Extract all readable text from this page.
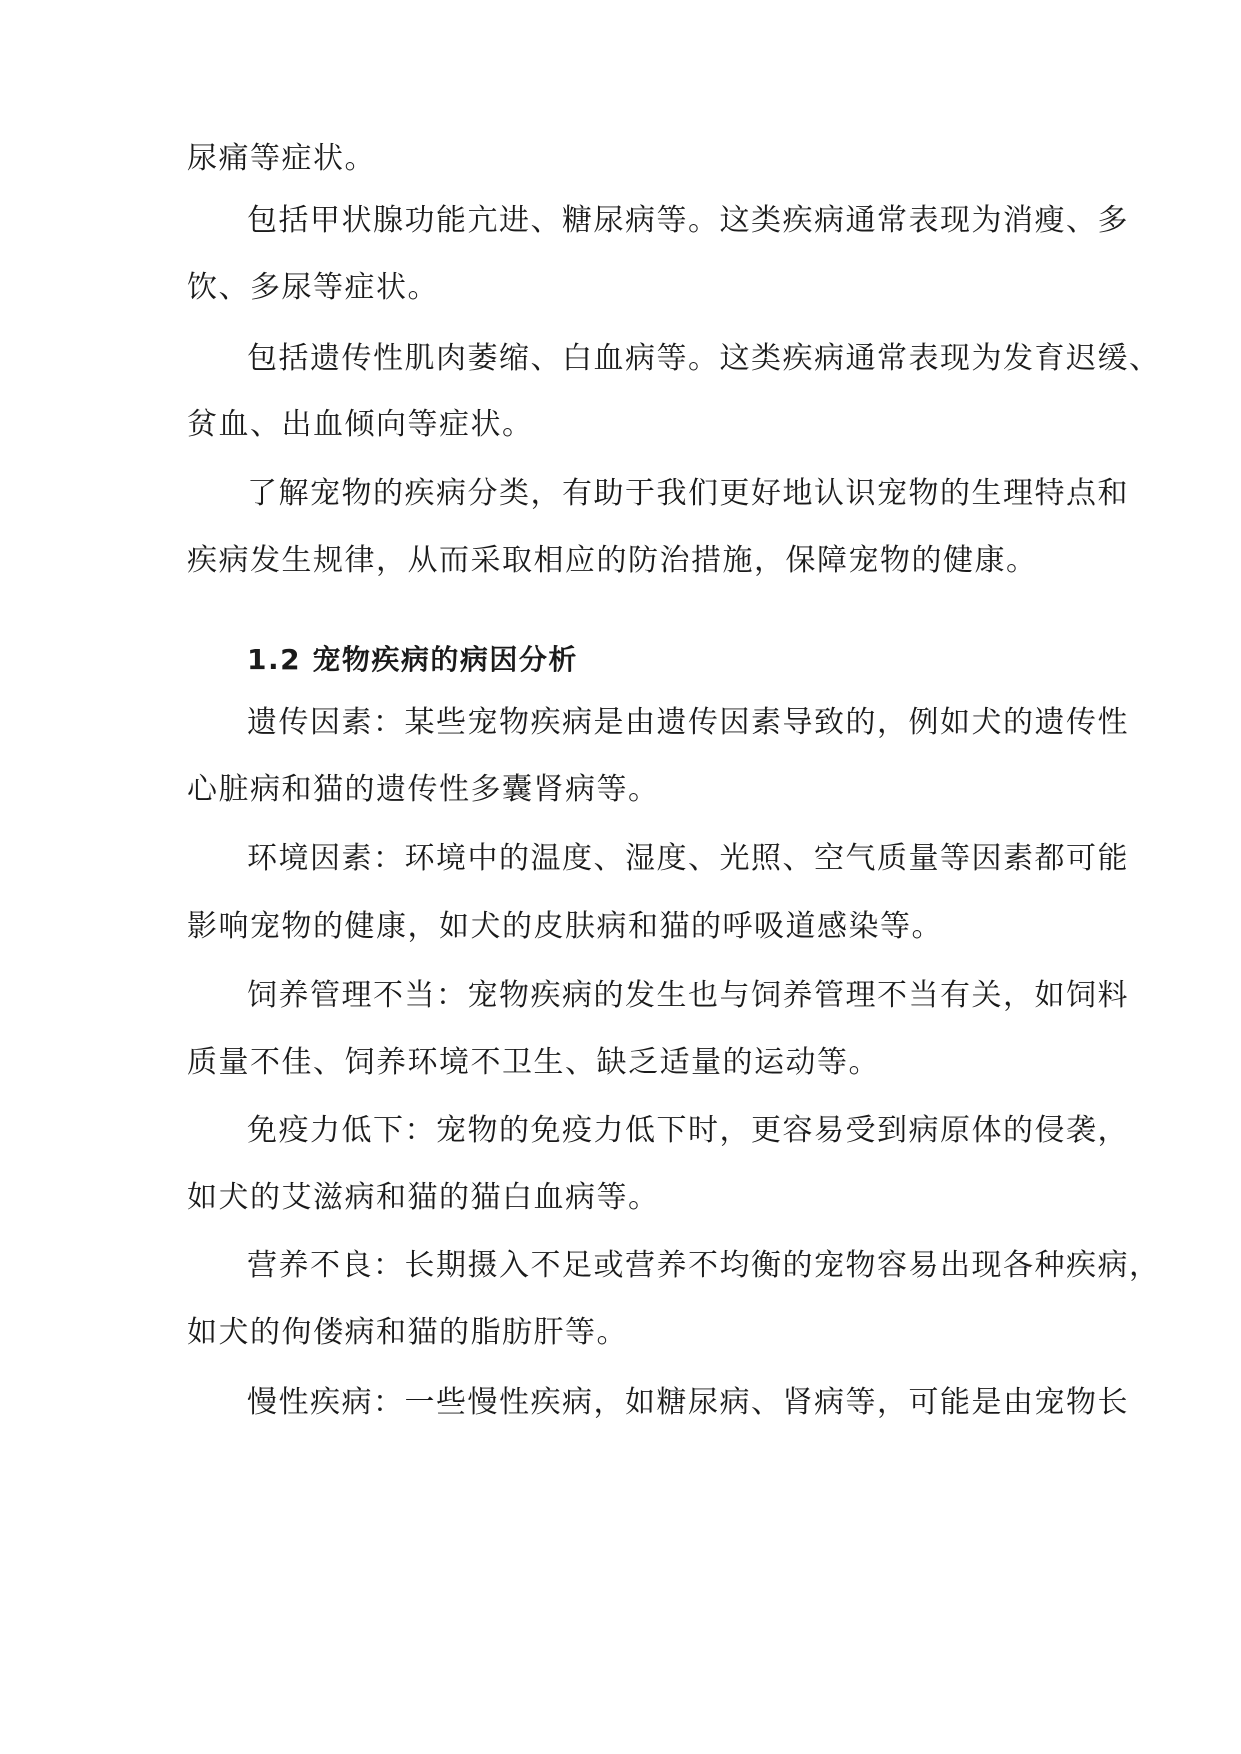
尿痛等症状。
包括甲状腺功能亢进、糖尿病等。这类疾病通常表现为消瘦、多
饮、多尿等症状。
包括遗传性肌肉萎缩、白血病等。这类疾病通常表现为发育迟缓、
贫血、出血倾向等症状。
了解宠物的疾病分类，有助于我们更好地认识宠物的生理特点和
疾病发生规律，从而采取相应的防治措施，保障宠物的健康。
1.2 宠物疾病的病因分析
遗传因素：某些宠物疾病是由遗传因素导致的，例如犬的遗传性
心脏病和猫的遗传性多囊肾病等。
环境因素：环境中的温度、湿度、光照、空气质量等因素都可能
影响宠物的健康，如犬的皮肤病和猫的呼吸道感染等。
饲养管理不当：宠物疾病的发生也与饲养管理不当有关，如饲料
质量不佳、饲养环境不卫生、缺乏适量的运动等。
免疫力低下：宠物的免疫力低下时，更容易受到病原体的侵袭，
如犬的艾滋病和猫的猫白血病等。
营养不良：长期摄入不足或营养不均衡的宠物容易出现各种疾病，
如犬的佝偻病和猫的脂肪肝等。
慢性疾病：一些慢性疾病，如糖尿病、肾病等，可能是由宠物长
